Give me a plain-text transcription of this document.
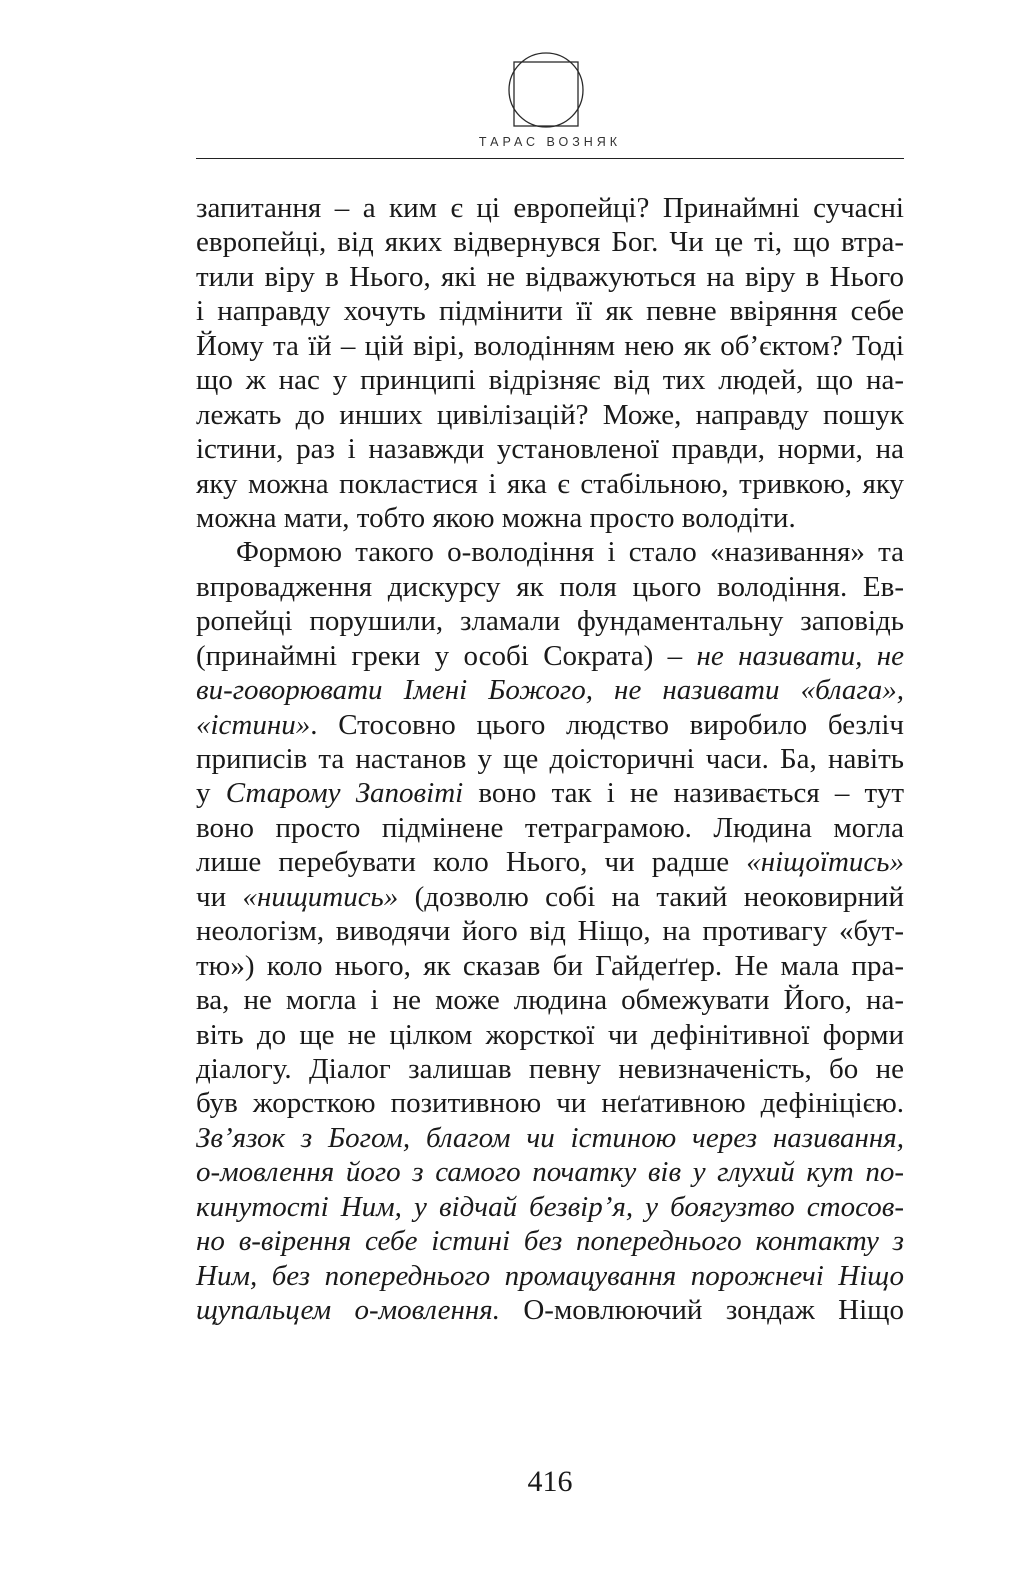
ТАРАС ВОЗНЯК
запитання – а ким є ці европейці? Принаймні сучасні
европейці, від яких відвернувся Бог. Чи це ті, що втра-
тили віру в Нього, які не відважуються на віру в Нього
і направду хочуть підмінити її як певне ввіряння себе
Йому та їй – цій вірі, володінням нею як об’єктом? Тоді
що ж нас у принципі відрізняє від тих людей, що на-
лежать до инших цивілізацій? Може, направду пошук
істини, раз і назавжди установленої правди, норми, на
яку можна покластися і яка є стабільною, тривкою, яку
можна мати, тобто якою можна просто володіти.
Формою такого о-володіння і стало «називання» та
впровадження дискурсу як поля цього володіння. Ев-
ропейці порушили, зламали фундаментальну заповідь
(принаймні греки у особі Сократа) – не називати, не
ви-говорювати Імені Божого, не називати «блага»,
«істини». Стосовно цього людство виробило безліч
приписів та настанов у ще доісторичні часи. Ба, навіть
у Старому Заповіті воно так і не називається – тут
воно просто підмінене тетраграмою. Людина могла
лише перебувати коло Нього, чи радше «ніщоїтись»
чи «нищитись» (дозволю собі на такий неоковирний
неологізм, виводячи його від Ніщо, на противагу «бут-
тю») коло нього, як сказав би Гайдеґґер. Не мала пра-
ва, не могла і не може людина обмежувати Його, на-
віть до ще не цілком жорсткої чи дефінітивної форми
діалогу. Діалог залишав певну невизначеність, бо не
був жорсткою позитивною чи неґативною дефініцією.
Зв’язок з Богом, благом чи істиною через називання,
о-мовлення його з самого початку вів у глухий кут по-
кинутості Ним, у відчай безвір’я, у боягузтво стосов-
но в-вірення себе істині без попереднього контакту з
Ним, без попереднього промацування порожнечі Ніщо
щупальцем о-мовлення. О-мовлюючий зондаж Ніщо
416
